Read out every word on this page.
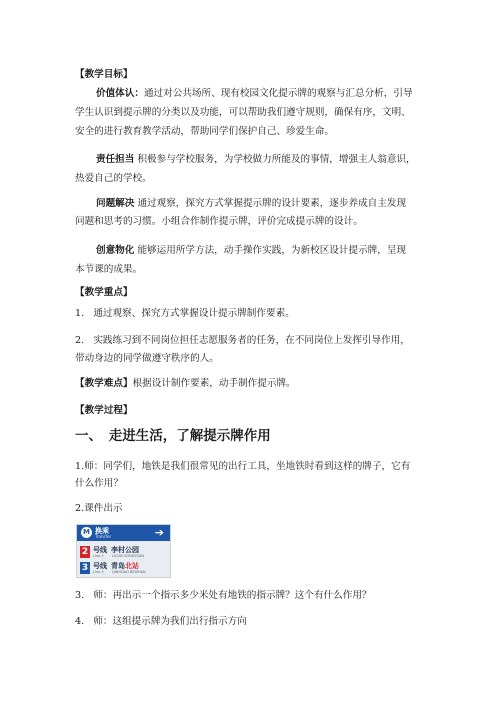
【教学目标】
价值体认：通过对公共场所、现有校园文化提示牌的观察与汇总分析，引导
学生认识到提示牌的分类以及功能，可以帮助我们遵守规则，确保有序，文明、
安全的进行教育教学活动，帮助同学们保护自己、珍爱生命。
责任担当 积极参与学校服务，为学校做力所能及的事情，增强主人翁意识，
热爱自己的学校。
问题解决 通过观察，探究方式掌握提示牌的设计要素，逐步养成自主发现
问题和思考的习惯。小组合作制作提示牌，评价完成提示牌的设计。
创意物化 能够运用所学方法，动手操作实践，为新校区设计提示牌，呈现
本节课的成果。
【教学重点】
1. 通过观察、探究方式掌握设计提示牌制作要素。
2. 实践练习到不同岗位担任志愿服务者的任务，在不同岗位上发挥引导作用，
带动身边的同学做遵守秩序的人。
【教学难点】根据设计制作要素，动手制作提示牌。
【教学过程】
一、　走进生活，了解提示牌作用
1.师：同学们，地铁是我们很常见的出行工具，坐地铁时看到这样的牌子，它有
什么作用？
2.课件出示
M 换乘
Transfer	➔
2 号线
Line 2
李村公园
LICUN GONGYUAN
3 号线
Line 3
青岛北站
QINGDAO BEIZHAN
3. 师：再出示一个指示多少米处有地铁的指示牌？这个有什么作用？
4. 师：这组提示牌为我们出行指示方向
